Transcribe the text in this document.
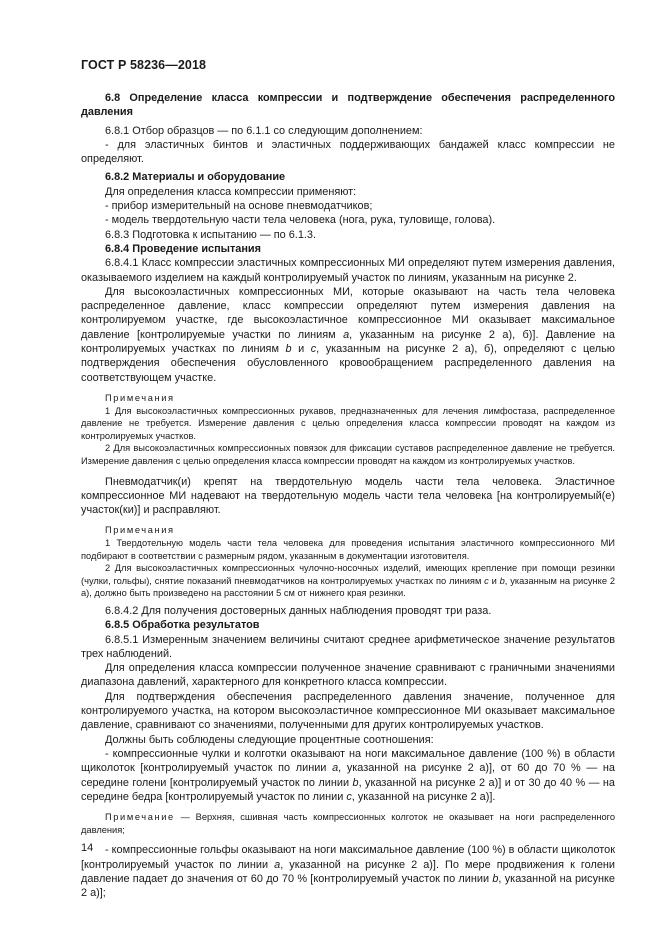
ГОСТ Р 58236—2018

6.8 Определение класса компрессии и подтверждение обеспечения распределенного давления

6.8.1 Отбор образцов — по 6.1.1 со следующим дополнением:

- для эластичных бинтов и эластичных поддерживающих бандажей класс компрессии не определяют.

6.8.2 Материалы и оборудование

Для определения класса компрессии применяют:

- прибор измерительный на основе пневмодатчиков;

- модель твердотельную части тела человека (нога, рука, туловище, голова).

6.8.3 Подготовка к испытанию — по 6.1.3.

6.8.4 Проведение испытания

6.8.4.1 Класс компрессии эластичных компрессионных МИ определяют путем измерения давления, оказываемого изделием на каждый контролируемый участок по линиям, указанным на рисунке 2.

Для высокоэластичных компрессионных МИ, которые оказывают на часть тела человека распределенное давление, класс компрессии определяют путем измерения давления на контролируемом участке, где высокоэластичное компрессионное МИ оказывает максимальное давление [контролируемые участки по линиям a, указанным на рисунке 2 а), б)]. Давление на контролируемых участках по линиям b и c, указанным на рисунке 2 а), б), определяют с целью подтверждения обеспечения обусловленного кровообращением распределенного давления на соответствующем участке.

Примечания

1 Для высокоэластичных компрессионных рукавов, предназначенных для лечения лимфостаза, распределенное давление не требуется. Измерение давления с целью определения класса компрессии проводят на каждом из контролируемых участков.

2 Для высокоэластичных компрессионных повязок для фиксации суставов распределенное давление не требуется. Измерение давления с целью определения класса компрессии проводят на каждом из контролируемых участков.

Пневмодатчик(и) крепят на твердотельную модель части тела человека. Эластичное компрессионное МИ надевают на твердотельную модель части тела человека [на контролируемый(е) участок(ки)] и расправляют.

Примечания

1 Твердотельную модель части тела человека для проведения испытания эластичного компрессионного МИ подбирают в соответствии с размерным рядом, указанным в документации изготовителя.

2 Для высокоэластичных компрессионных чулочно-носочных изделий, имеющих крепление при помощи резинки (чулки, гольфы), снятие показаний пневмодатчиков на контролируемых участках по линиям c и b, указанным на рисунке 2 а), должно быть произведено на расстоянии 5 см от нижнего края резинки.

6.8.4.2 Для получения достоверных данных наблюдения проводят три раза.

6.8.5 Обработка результатов

6.8.5.1 Измеренным значением величины считают среднее арифметическое значение результатов трех наблюдений.

Для определения класса компрессии полученное значение сравнивают с граничными значениями диапазона давлений, характерного для конкретного класса компрессии.

Для подтверждения обеспечения распределенного давления значение, полученное для контролируемого участка, на котором высокоэластичное компрессионное МИ оказывает максимальное давление, сравнивают со значениями, полученными для других контролируемых участков.

Должны быть соблюдены следующие процентные соотношения:

- компрессионные чулки и колготки оказывают на ноги максимальное давление (100 %) в области щиколоток [контролируемый участок по линии a, указанной на рисунке 2 а)], от 60 до 70 % — на середине голени [контролируемый участок по линии b, указанной на рисунке 2 а)] и от 30 до 40 % — на середине бедра [контролируемый участок по линии c, указанной на рисунке 2 а)].

Примечание — Верхняя, сшивная часть компрессионных колготок не оказывает на ноги распределенного давления;

- компрессионные гольфы оказывают на ноги максимальное давление (100 %) в области щиколоток [контролируемый участок по линии a, указанной на рисунке 2 а)]. По мере продвижения к голени давление падает до значения от 60 до 70 % [контролируемый участок по линии b, указанной на рисунке 2 а)];

14
